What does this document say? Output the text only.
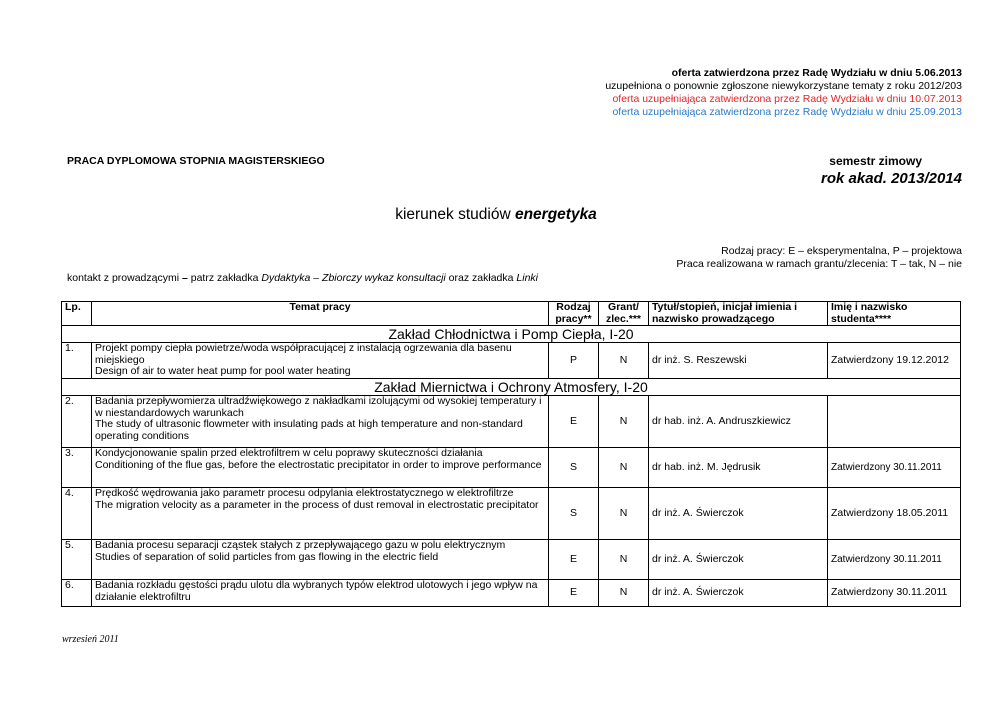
oferta zatwierdzona przez Radę Wydziału w dniu 5.06.2013
uzupełniona o ponownie zgłoszone niewykorzystane tematy z roku 2012/203
oferta uzupełniająca zatwierdzona przez Radę Wydziału w dniu 10.07.2013
oferta uzupełniająca zatwierdzona przez Radę Wydziału w dniu 25.09.2013
PRACA DYPLOMOWA STOPNIA MAGISTERSKIEGO	semestr zimowy
rok akad. 2013/2014
kierunek studiów energetyka
Rodzaj pracy: E – eksperymentalna, P – projektowa
Praca realizowana w ramach grantu/zlecenia: T – tak, N – nie
kontakt z prowadzącymi – patrz zakładka Dydaktyka – Zbiorczy wykaz konsultacji oraz zakładka Linki
Lp.	Temat pracy	Rodzaj pracy**	Grant/ zlec.***	Tytuł/stopień, inicjał imienia i nazwisko prowadzącego	Imię i nazwisko studenta****
Zakład Chłodnictwa i Pomp Ciepła, I-20					
1.	Projekt pompy ciepła powietrze/woda współpracującej z instalacją ogrzewania dla basenu miejskiego
Design of air to water heat pump for pool water heating	P	N	dr inż. S. Reszewski	Zatwierdzony 19.12.2012
Zakład Miernictwa i Ochrony Atmosfery, I-20					
2.	Badania przepływomierza ultradźwiękowego z nakładkami izolującymi od wysokiej temperatury i w niestandardowych warunkach
The study of ultrasonic flowmeter with insulating pads at high temperature and non-standard operating conditions	E	N	dr hab. inż. A. Andruszkiewicz	
3.	Kondycjonowanie spalin przed elektrofiltrem w celu poprawy skuteczności działania
Conditioning of the flue gas, before the electrostatic precipitator in order to improve performance	S	N	dr hab. inż. M. Jędrusik	Zatwierdzony 30.11.2011
4.	Prędkość wędrowania jako parametr procesu odpylania elektrostatycznego w elektrofiltrze
The migration velocity as a parameter in the process of dust removal in electrostatic precipitator	S	N	dr inż. A. Świerczok	Zatwierdzony 18.05.2011
5.	Badania procesu separacji cząstek stałych z przepływającego gazu w polu elektrycznym
Studies of separation of solid particles from gas flowing in the electric field	E	N	dr inż. A. Świerczok	Zatwierdzony 30.11.2011
6.	Badania rozkładu gęstości prądu ulotu dla wybranych typów elektrod ulotowych i jego wpływ na działanie elektrofiltru	E	N	dr inż. A. Świerczok	Zatwierdzony 30.11.2011
wrzesień 2011
